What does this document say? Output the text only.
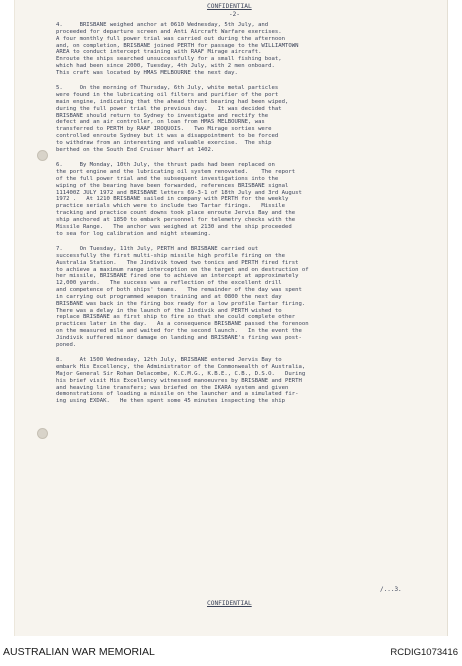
CONFIDENTIAL
-2-
4.     BRISBANE weighed anchor at 0610 Wednesday, 5th July, and
proceeded for departure screen and Anti Aircraft Warfare exercises.
A four monthly full power trial was carried out during the afternoon
and, on completion, BRISBANE joined PERTH for passage to the WILLIAMTOWN
AREA to conduct intercept training with RAAF Mirage aircraft.
Enroute the ships searched unsuccessfully for a small fishing boat,
which had been since 2000, Tuesday, 4th July, with 2 men onboard.
This craft was located by HMAS MELBOURNE the next day.
5.     On the morning of Thursday, 6th July, white metal particles
were found in the lubricating oil filters and purifier of the port
main engine, indicating that the ahead thrust bearing had been wiped,
during the full power trial the previous day.   It was decided that
BRISBANE should return to Sydney to investigate and rectify the
defect and an air controller, on loan from HMAS MELBOURNE, was
transferred to PERTH by RAAF IROQUOIS.   Two Mirage sorties were
controlled enroute Sydney but it was a disappointment to be forced
to withdraw from an interesting and valuable exercise.  The ship
berthed on the South End Cruiser Wharf at 1402.
6.     By Monday, 10th July, the thrust pads had been replaced on
the port engine and the lubricating oil system renovated.    The report
of the full power trial and the subsequent investigations into the
wiping of the bearing have been forwarded, references BRISBANE signal
111400Z JULY 1972 and BRISBANE letters 69-3-1 of 18th July and 3rd August
1972 .   At 1210 BRISBANE sailed in company with PERTH for the weekly
practice serials which were to include two Tartar firings.   Missile
tracking and practice count downs took place enroute Jervis Bay and the
ship anchored at 1850 to embark personnel for telemetry checks with the
Missile Range.   The anchor was weighed at 2130 and the ship proceeded
to sea for log calibration and night steaming.
7.     On Tuesday, 11th July, PERTH and BRISBANE carried out
successfully the first multi-ship missile high profile firing on the
Australia Station.   The Jindivik towed two tonics and PERTH fired first
to achieve a maximum range interception on the target and on destruction of
her missile, BRISBANE fired one to achieve an intercept at approximately
12,000 yards.   The success was a reflection of the excellent drill
and competence of both ships' teams.   The remainder of the day was spent
in carrying out programmed weapon training and at 0800 the next day
BRISBANE was back in the firing box ready for a low profile Tartar firing.
There was a delay in the launch of the Jindivik and PERTH wished to
replace BRISBANE as first ship to fire so that she could complete other
practices later in the day.   As a consequence BRISBANE passed the forenoon
on the measured mile and waited for the second launch.   In the event the
Jindivik suffered minor damage on landing and BRISBANE's firing was post-
poned.
8.     At 1500 Wednesday, 12th July, BRISBANE entered Jervis Bay to
embark His Excellency, the Administrator of the Commonwealth of Australia,
Major General Sir Rohan Delacombe, K.C.M.G., K.B.E., C.B., D.S.O.   During
his brief visit His Excellency witnessed manoeuvres by BRISBANE and PERTH
and heaving line transfers; was briefed on the IKARA system and given
demonstrations of loading a missile on the launcher and a simulated fir-
ing using EXDAK.   He then spent some 45 minutes inspecting the ship
/...3.
CONFIDENTIAL
AUSTRALIAN WAR MEMORIAL	RCDIG1073416
